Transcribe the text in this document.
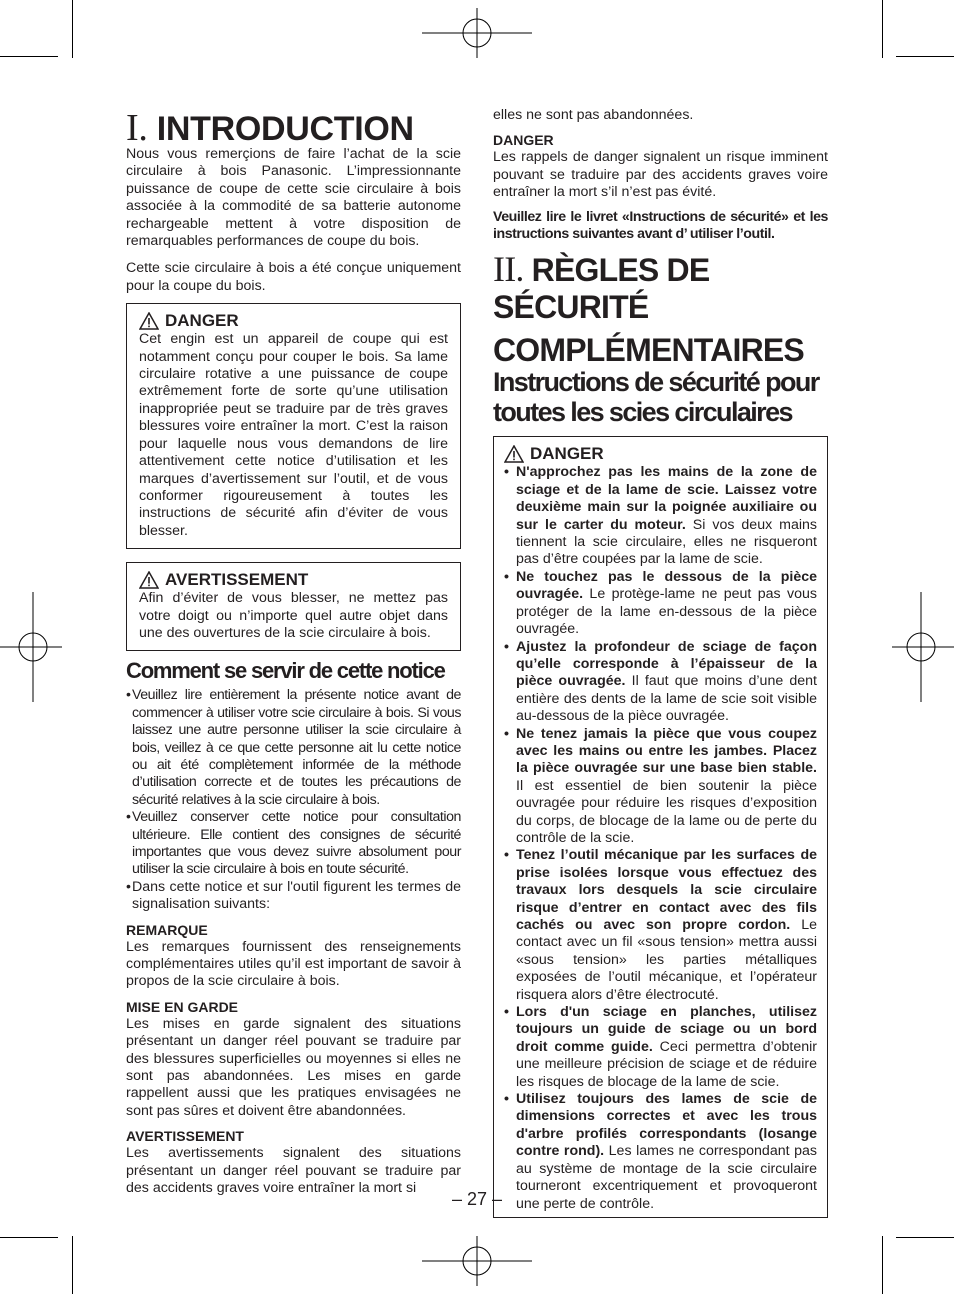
I. INTRODUCTION

Nous vous remerçions de faire l’achat de la scie circulaire à bois Panasonic. L’impressionnante puissance de coupe de cette scie circulaire à bois associée à la commodité de sa batterie autonome rechargeable mettent à votre disposition de remarquables performances de coupe du bois.

Cette scie circulaire à bois a été conçue uniquement pour la coupe du bois.

DANGER

Cet engin est un appareil de coupe qui est notamment conçu pour couper le bois. Sa lame circulaire rotative a une puissance de coupe extrêmement forte de sorte qu’une utilisation inappropriée peut se traduire par de très graves blessures voire entraîner la mort. C’est la raison pour laquelle nous vous demandons de lire attentivement cette notice d’utilisation et les marques d’avertissement sur l’outil, et de vous conformer rigoureusement à toutes les instructions de sécurité afin d’éviter de vous blesser.

AVERTISSEMENT

Afin d’éviter de vous blesser, ne mettez pas votre doigt ou n’importe quel autre objet dans une des ouvertures de la scie circulaire à bois.

Comment se servir de cette notice
• Veuillez lire entièrement la présente notice avant de commencer à utiliser votre scie circulaire à bois. Si vous laissez une autre personne utiliser la scie circulaire à bois, veillez à ce que cette personne ait lu cette notice ou ait été complètement informée de la méthode d’utilisation correcte et de toutes les précautions de sécurité relatives à la scie circulaire à bois.
• Veuillez conserver cette notice pour consultation ultérieure. Elle contient des consignes de sécurité importantes que vous devez suivre absolument pour utiliser la scie circulaire à bois en toute sécurité.
• Dans cette notice et sur l'outil figurent les termes de signalisation suivants:
REMARQUE

Les remarques fournissent des renseignements complémentaires utiles qu’il est important de savoir à propos de la scie circulaire à bois.

MISE EN GARDE

Les mises en garde signalent des situations présentant un danger réel pouvant se traduire par des blessures superficielles ou moyennes si elles ne sont pas abandonnées. Les mises en garde rappellent aussi que les pratiques envisagées ne sont pas sûres et doivent être abandonnées.

AVERTISSEMENT

Les avertissements signalent des situations présentant un danger réel pouvant se traduire par des accidents graves voire entraîner la mort si

elles ne sont pas abandonnées.

DANGER

Les rappels de danger signalent un risque imminent pouvant se traduire par des accidents graves voire entraîner la mort s’il n’est pas évité.

Veuillez lire le livret «Instructions de sécurité» et les instructions suivantes avant d’ utiliser l’outil.

II. RÈGLES DE SÉCURITÉ
COMPLÉMENTAIRES
Instructions de sécurité pour
toutes les scies circulaires
DANGER
• N'approchez pas les mains de la zone de sciage et de la lame de scie. Laissez votre deuxième main sur la poignée auxiliaire ou sur le carter du moteur. Si vos deux mains tiennent la scie circulaire, elles ne risqueront pas d’être coupées par la lame de scie.
• Ne touchez pas le dessous de la pièce ouvragée. Le protège-lame ne peut pas vous protéger de la lame en-dessous de la pièce ouvragée.
• Ajustez la profondeur de sciage de façon qu’elle corresponde à l’épaisseur de la pièce ouvragée. Il faut que moins d’une dent entière des dents de la lame de scie soit visible au-dessous de la pièce ouvragée.
• Ne tenez jamais la pièce que vous coupez avec les mains ou entre les jambes. Placez la pièce ouvragée sur une base bien stable. Il est essentiel de bien soutenir la pièce ouvragée pour réduire les risques d’exposition du corps, de blocage de la lame ou de perte du contrôle de la scie.
• Tenez l’outil mécanique par les surfaces de prise isolées lorsque vous effectuez des travaux lors desquels la scie circulaire risque d’entrer en contact avec des fils cachés ou avec son propre cordon. Le contact avec un fil «sous tension» mettra aussi «sous tension» les parties métalliques exposées de l’outil mécanique, et l’opérateur risquera alors d’être électrocuté.
• Lors d'un sciage en planches, utilisez toujours un guide de sciage ou un bord droit comme guide. Ceci permettra d’obtenir une meilleure précision de sciage et de réduire les risques de blocage de la lame de scie.
• Utilisez toujours des lames de scie de dimensions correctes et avec les trous d'arbre profilés correspondants (losange contre rond). Les lames ne correspondant pas au système de montage de la scie circulaire tourneront excentriquement et provoqueront une perte de contrôle.
– 27 –
